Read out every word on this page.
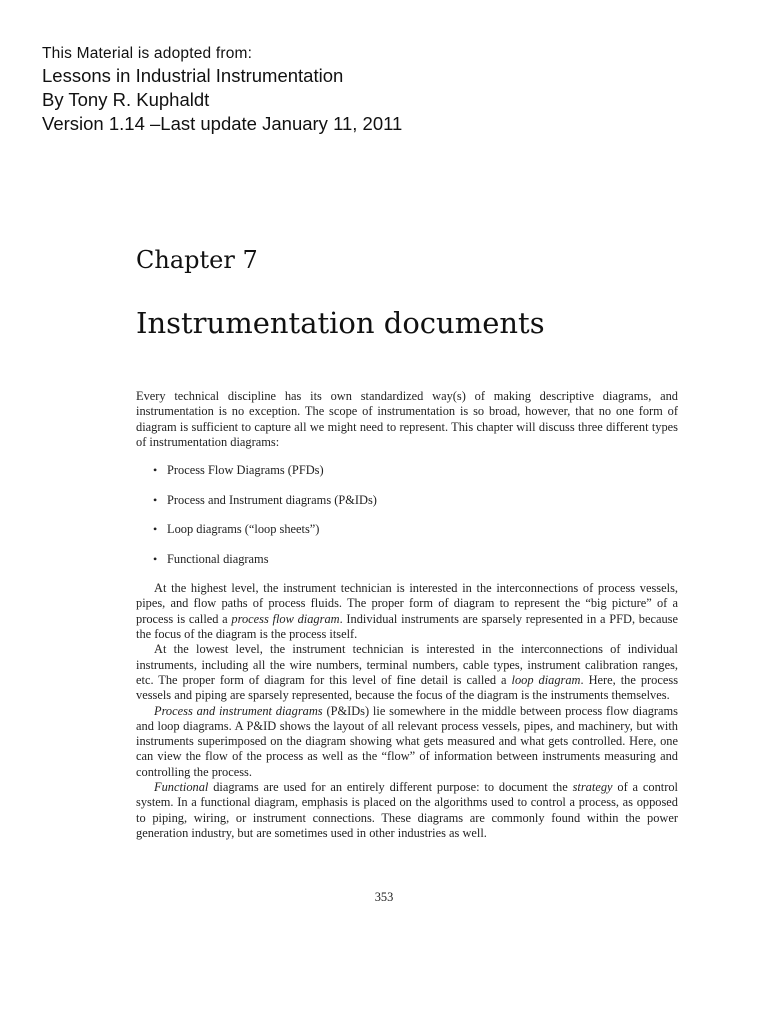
This Material is adopted from:
Lessons in Industrial Instrumentation
By Tony R. Kuphaldt
Version 1.14 –Last update January 11, 2011
Chapter 7
Instrumentation documents

Every technical discipline has its own standardized way(s) of making descriptive diagrams, and instrumentation is no exception. The scope of instrumentation is so broad, however, that no one form of diagram is sufficient to capture all we might need to represent. This chapter will discuss three different types of instrumentation diagrams:

• Process Flow Diagrams (PFDs)
• Process and Instrument diagrams (P&IDs)
• Loop diagrams (“loop sheets”)
• Functional diagrams

At the highest level, the instrument technician is interested in the interconnections of process vessels, pipes, and flow paths of process fluids. The proper form of diagram to represent the “big picture” of a process is called a process flow diagram. Individual instruments are sparsely represented in a PFD, because the focus of the diagram is the process itself.

At the lowest level, the instrument technician is interested in the interconnections of individual instruments, including all the wire numbers, terminal numbers, cable types, instrument calibration ranges, etc. The proper form of diagram for this level of fine detail is called a loop diagram. Here, the process vessels and piping are sparsely represented, because the focus of the diagram is the instruments themselves.

Process and instrument diagrams (P&IDs) lie somewhere in the middle between process flow diagrams and loop diagrams. A P&ID shows the layout of all relevant process vessels, pipes, and machinery, but with instruments superimposed on the diagram showing what gets measured and what gets controlled. Here, one can view the flow of the process as well as the “flow” of information between instruments measuring and controlling the process.

Functional diagrams are used for an entirely different purpose: to document the strategy of a control system. In a functional diagram, emphasis is placed on the algorithms used to control a process, as opposed to piping, wiring, or instrument connections. These diagrams are commonly found within the power generation industry, but are sometimes used in other industries as well.

353
